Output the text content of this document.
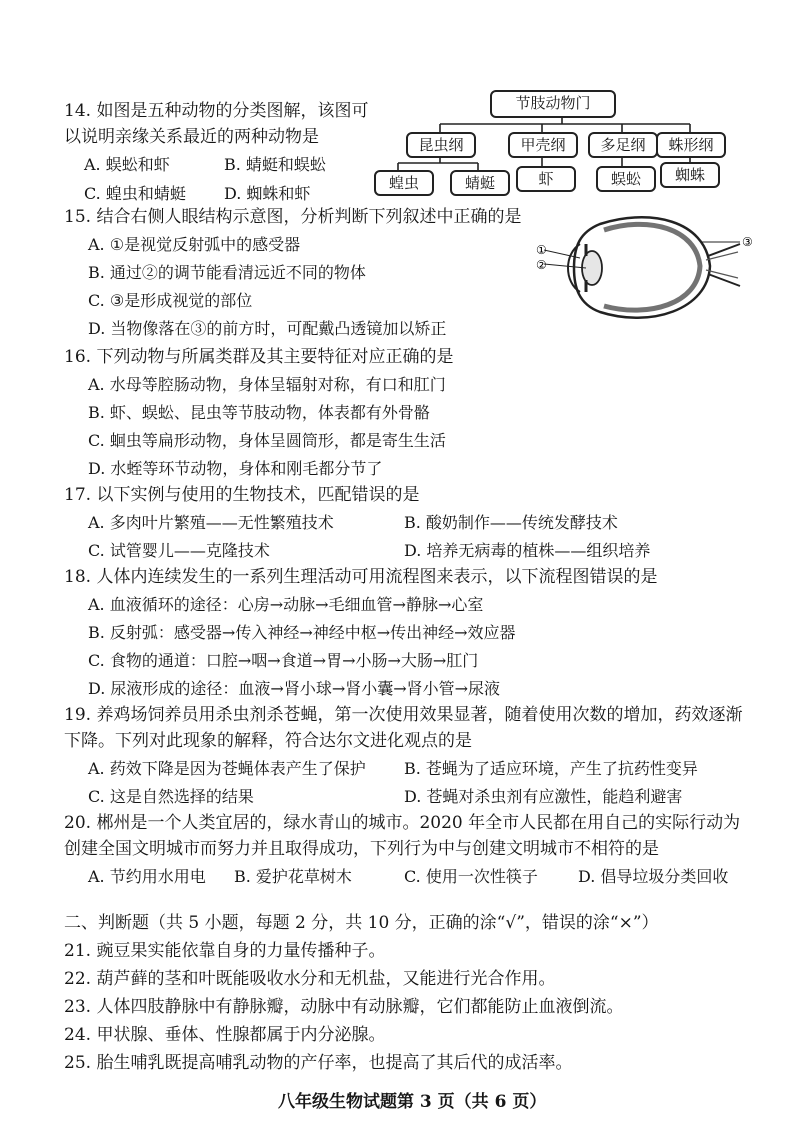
14. 如图是五种动物的分类图解，该图可
以说明亲缘关系最近的两种动物是
A. 蜈蚣和虾	B. 蜻蜓和蜈蚣
C. 蝗虫和蜻蜓 D. 蜘蛛和虾
节肢动物门
昆虫纲	甲壳纲	多足纲	蛛形纲
蝗虫	蜻蜓	虾	蜈蚣	蜘蛛
15. 结合右侧人眼结构示意图，分析判断下列叙述中正确的是
A. ①是视觉反射弧中的感受器
B. 通过②的调节能看清远近不同的物体
C. ③是形成视觉的部位
D. 当物像落在③的前方时，可配戴凸透镜加以矫正
①
②
③
16. 下列动物与所属类群及其主要特征对应正确的是
A. 水母等腔肠动物，身体呈辐射对称，有口和肛门
B. 虾、蜈蚣、昆虫等节肢动物，体表都有外骨骼
C. 蛔虫等扁形动物，身体呈圆筒形，都是寄生生活
D. 水蛭等环节动物，身体和刚毛都分节了
17. 以下实例与使用的生物技术，匹配错误的是
A. 多肉叶片繁殖——无性繁殖技术	B. 酸奶制作——传统发酵技术
C. 试管婴儿——克隆技术	D. 培养无病毒的植株——组织培养
18. 人体内连续发生的一系列生理活动可用流程图来表示，以下流程图错误的是
A. 血液循环的途径：心房→动脉→毛细血管→静脉→心室
B. 反射弧：感受器→传入神经→神经中枢→传出神经→效应器
C. 食物的通道：口腔→咽→食道→胃→小肠→大肠→肛门
D. 尿液形成的途径：血液→肾小球→肾小囊→肾小管→尿液
19. 养鸡场饲养员用杀虫剂杀苍蝇，第一次使用效果显著，随着使用次数的增加，药效逐渐
下降。下列对此现象的解释，符合达尔文进化观点的是
A. 药效下降是因为苍蝇体表产生了保护 B. 苍蝇为了适应环境，产生了抗药性变异
C. 这是自然选择的结果	D. 苍蝇对杀虫剂有应激性，能趋利避害
20. 郴州是一个人类宜居的，绿水青山的城市。2020 年全市人民都在用自己的实际行动为
创建全国文明城市而努力并且取得成功，下列行为中与创建文明城市不相符的是
A. 节约用水用电 B. 爱护花草树木	C. 使用一次性筷子	D. 倡导垃圾分类回收
二、判断题（共 5 小题，每题 2 分，共 10 分，正确的涂“√”，错误的涂“×”）
21. 豌豆果实能依靠自身的力量传播种子。
22. 葫芦藓的茎和叶既能吸收水分和无机盐，又能进行光合作用。
23. 人体四肢静脉中有静脉瓣，动脉中有动脉瓣，它们都能防止血液倒流。
24. 甲状腺、垂体、性腺都属于内分泌腺。
25. 胎生哺乳既提高哺乳动物的产仔率，也提高了其后代的成活率。
八年级生物试题第 3 页（共 6 页）
